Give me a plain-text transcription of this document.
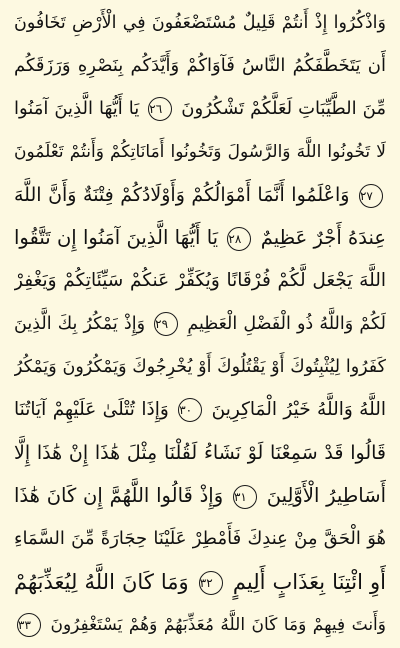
وَاذْكُرُوا إِذْ أَنتُمْ قَلِيلٌ مُسْتَضْعَفُونَ فِي الْأَرْضِ تَخَافُونَ
أَن يَتَخَطَّفَكُمُ النَّاسُ فَآوَاكُمْ وَأَيَّدَكُم بِنَصْرِهِ وَرَزَقَكُم
مِّنَ الطَّيِّبَاتِ لَعَلَّكُمْ تَشْكُرُونَ ٢٦ يَا أَيُّهَا الَّذِينَ آمَنُوا
لَا تَخُونُوا اللَّهَ وَالرَّسُولَ وَتَخُونُوا أَمَانَاتِكُمْ وَأَنتُمْ تَعْلَمُونَ
٢٧ وَاعْلَمُوا أَنَّمَا أَمْوَالُكُمْ وَأَوْلَادُكُمْ فِتْنَةٌ وَأَنَّ اللَّهَ
عِندَهُ أَجْرٌ عَظِيمٌ ٢٨ يَا أَيُّهَا الَّذِينَ آمَنُوا إِن تَتَّقُوا
اللَّهَ يَجْعَل لَّكُمْ فُرْقَانًا وَيُكَفِّرْ عَنكُمْ سَيِّئَاتِكُمْ وَيَغْفِرْ
لَكُمْ وَاللَّهُ ذُو الْفَضْلِ الْعَظِيمِ ٢٩ وَإِذْ يَمْكُرُ بِكَ الَّذِينَ
كَفَرُوا لِيُثْبِتُوكَ أَوْ يَقْتُلُوكَ أَوْ يُخْرِجُوكَ وَيَمْكُرُونَ وَيَمْكُرُ
اللَّهُ وَاللَّهُ خَيْرُ الْمَاكِرِينَ ٣٠ وَإِذَا تُتْلَىٰ عَلَيْهِمْ آيَاتُنَا
قَالُوا قَدْ سَمِعْنَا لَوْ نَشَاءُ لَقُلْنَا مِثْلَ هَٰذَا إِنْ هَٰذَا إِلَّا
أَسَاطِيرُ الْأَوَّلِينَ ٣١ وَإِذْ قَالُوا اللَّهُمَّ إِن كَانَ هَٰذَا
هُوَ الْحَقَّ مِنْ عِندِكَ فَأَمْطِرْ عَلَيْنَا حِجَارَةً مِّنَ السَّمَاءِ
أَوِ ائْتِنَا بِعَذَابٍ أَلِيمٍ ٣٢ وَمَا كَانَ اللَّهُ لِيُعَذِّبَهُمْ
وَأَنتَ فِيهِمْ وَمَا كَانَ اللَّهُ مُعَذِّبَهُمْ وَهُمْ يَسْتَغْفِرُونَ ٣٣
